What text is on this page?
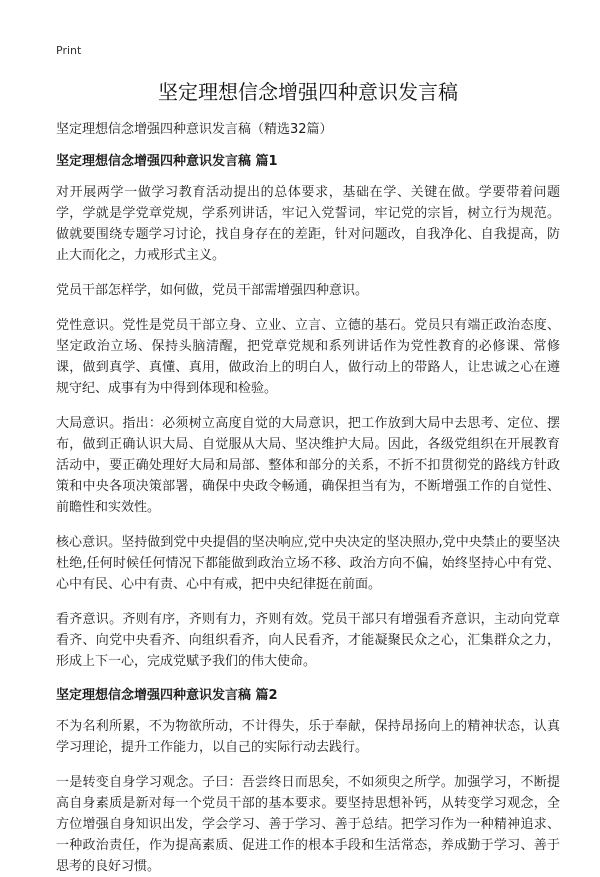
Print
坚定理想信念增强四种意识发言稿

坚定理想信念增强四种意识发言稿（精选32篇）

坚定理想信念增强四种意识发言稿 篇1

对开展两学一做学习教育活动提出的总体要求，基础在学、关键在做。学要带着问题学，学就是学党章党规，学系列讲话，牢记入党誓词，牢记党的宗旨，树立行为规范。做就要围绕专题学习讨论，找自身存在的差距，针对问题改，自我净化、自我提高，防止大而化之，力戒形式主义。

党员干部怎样学，如何做，党员干部需增强四种意识。

党性意识。党性是党员干部立身、立业、立言、立德的基石。党员只有端正政治态度、坚定政治立场、保持头脑清醒，把党章党规和系列讲话作为党性教育的必修课、常修课，做到真学、真懂、真用，做政治上的明白人，做行动上的带路人，让忠诚之心在遵规守纪、成事有为中得到体现和检验。

大局意识。指出：必须树立高度自觉的大局意识，把工作放到大局中去思考、定位、摆布，做到正确认识大局、自觉服从大局、坚决维护大局。因此，各级党组织在开展教育活动中，要正确处理好大局和局部、整体和部分的关系，不折不扣贯彻党的路线方针政策和中央各项决策部署，确保中央政令畅通，确保担当有为，不断增强工作的自觉性、前瞻性和实效性。

核心意识。坚持做到党中央提倡的坚决响应,党中央决定的坚决照办,党中央禁止的要坚决杜绝,任何时候任何情况下都能做到政治立场不移、政治方向不偏，始终坚持心中有党、心中有民、心中有责、心中有戒，把中央纪律挺在前面。

看齐意识。齐则有序，齐则有力，齐则有效。党员干部只有增强看齐意识，主动向党章看齐、向党中央看齐、向组织看齐，向人民看齐，才能凝聚民众之心，汇集群众之力，形成上下一心，完成党赋予我们的伟大使命。

坚定理想信念增强四种意识发言稿 篇2

不为名利所累，不为物欲所动，不计得失，乐于奉献，保持昂扬向上的精神状态，认真学习理论，提升工作能力，以自己的实际行动去践行。

一是转变自身学习观念。子曰：吾尝终日而思矣，不如须臾之所学。加强学习，不断提高自身素质是新对每一个党员干部的基本要求。要坚持思想补钙，从转变学习观念，全方位增强自身知识出发，学会学习、善于学习、善于总结。把学习作为一种精神追求、一种政治责任，作为提高素质、促进工作的根本手段和生活常态，养成勤于学习、善于思考的良好习惯。
